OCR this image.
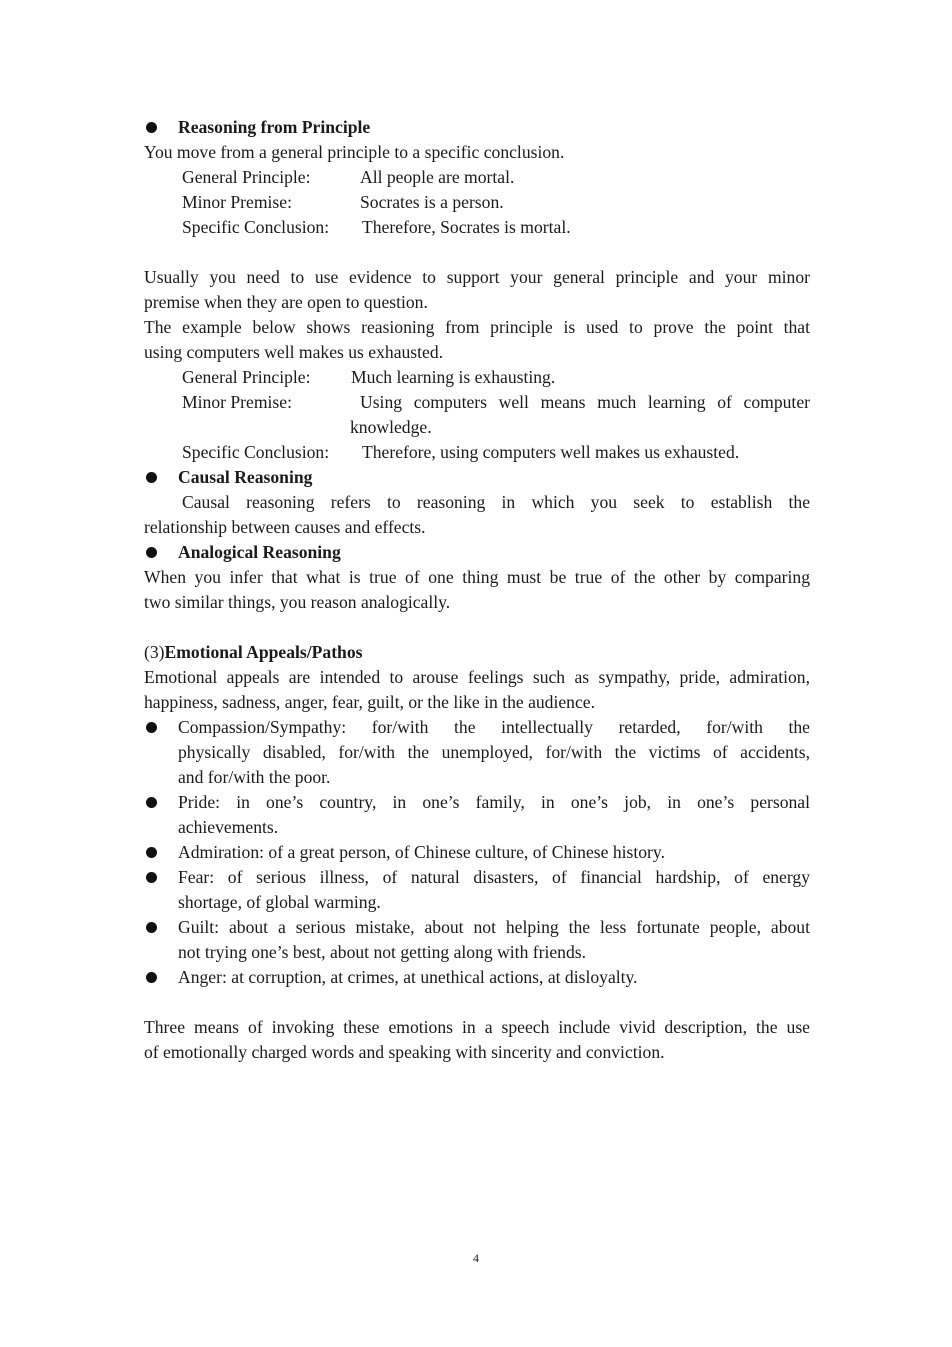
Reasoning from Principle
You move from a general principle to a specific conclusion.
General Principle:	All people are mortal.
Minor Premise:	Socrates is a person.
Specific Conclusion: Therefore, Socrates is mortal.
Usually you need to use evidence to support your general principle and your minor
premise when they are open to question.
The example below shows reasioning from principle is used to prove the point that
using computers well makes us exhausted.
General Principle: Much learning is exhausting.
Minor Premise:	Using computers well means much learning of computer
knowledge.
Specific Conclusion: Therefore, using computers well makes us exhausted.
Causal Reasoning
Causal reasoning refers to reasoning in which you seek to establish the
relationship between causes and effects.
Analogical Reasoning
When you infer that what is true of one thing must be true of the other by comparing
two similar things, you reason analogically.
(3)Emotional Appeals/Pathos
Emotional appeals are intended to arouse feelings such as sympathy, pride, admiration,
happiness, sadness, anger, fear, guilt, or the like in the audience.
Compassion/Sympathy: for/with the intellectually retarded, for/with the
physically disabled, for/with the unemployed, for/with the victims of accidents,
and for/with the poor.
Pride: in one’s country, in one’s family, in one’s job, in one’s personal
achievements.
Admiration: of a great person, of Chinese culture, of Chinese history.
Fear: of serious illness, of natural disasters, of financial hardship, of energy
shortage, of global warming.
Guilt: about a serious mistake, about not helping the less fortunate people, about
not trying one’s best, about not getting along with friends.
Anger: at corruption, at crimes, at unethical actions, at disloyalty.
Three means of invoking these emotions in a speech include vivid description, the use
of emotionally charged words and speaking with sincerity and conviction.
4
